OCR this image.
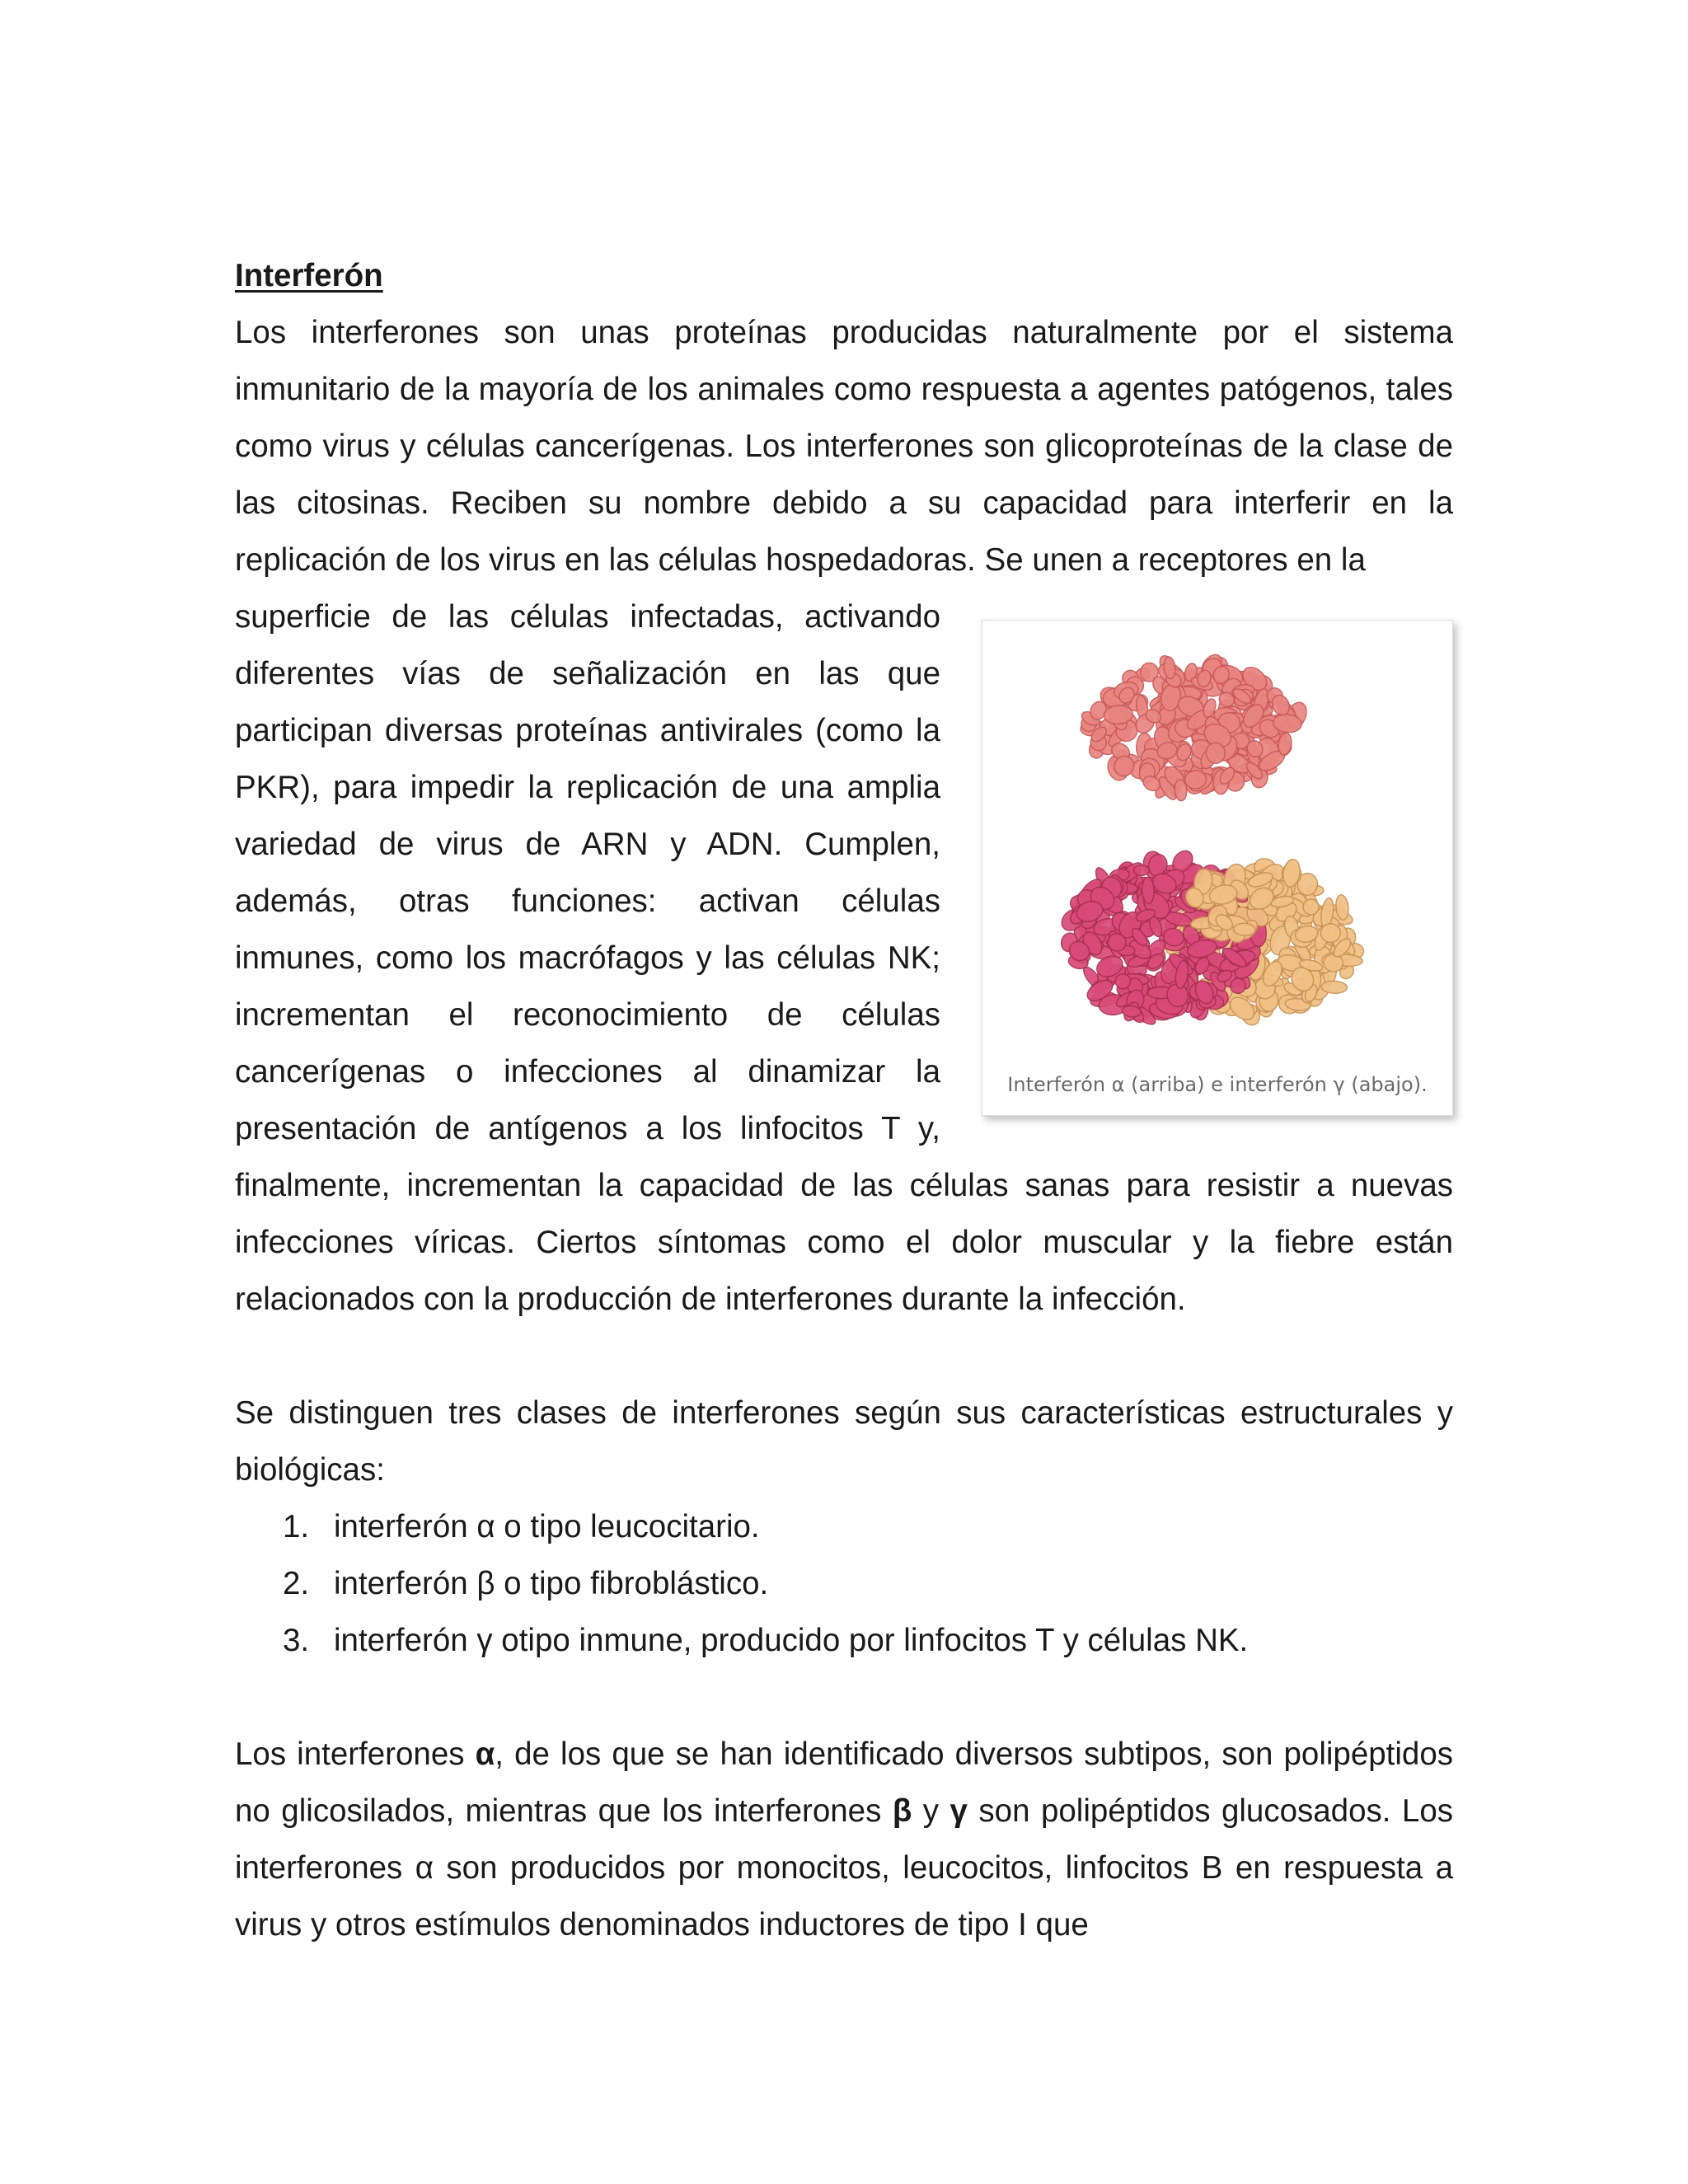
Interferón

Los interferones son unas proteínas producidas naturalmente por el sistema inmunitario de la mayoría de los animales como respuesta a agentes patógenos, tales como virus y células cancerígenas. Los interferones son glicoproteínas de la clase de las citosinas. Reciben su nombre debido a su capacidad para interferir en la replicación de los virus en las células hospedadoras. Se unen a receptores en la

Interferón α (arriba) e interferón γ (abajo).

superficie de las células infectadas, activando diferentes vías de señalización en las que participan diversas proteínas antivirales (como la PKR), para impedir la replicación de una amplia variedad de virus de ARN y ADN. Cumplen, además, otras funciones: activan células inmunes, como los macrófagos y las células NK; incrementan el reconocimiento de células cancerígenas o infecciones al dinamizar la presentación de antígenos a los linfocitos T y, finalmente, incrementan la capacidad de las células sanas para resistir a nuevas infecciones víricas. Ciertos síntomas como el dolor muscular y la fiebre están relacionados con la producción de interferones durante la infección.

Se distinguen tres clases de interferones según sus características estructurales y biológicas:

1. interferón α o tipo leucocitario.
2. interferón β o tipo fibroblástico.
3. interferón γ otipo inmune, producido por linfocitos T y células NK.

Los interferones α, de los que se han identificado diversos subtipos, son polipéptidos no glicosilados, mientras que los interferones β y γ son polipéptidos glucosados. Los interferones α son producidos por monocitos, leucocitos, linfocitos B en respuesta a virus y otros estímulos denominados inductores de tipo I que
